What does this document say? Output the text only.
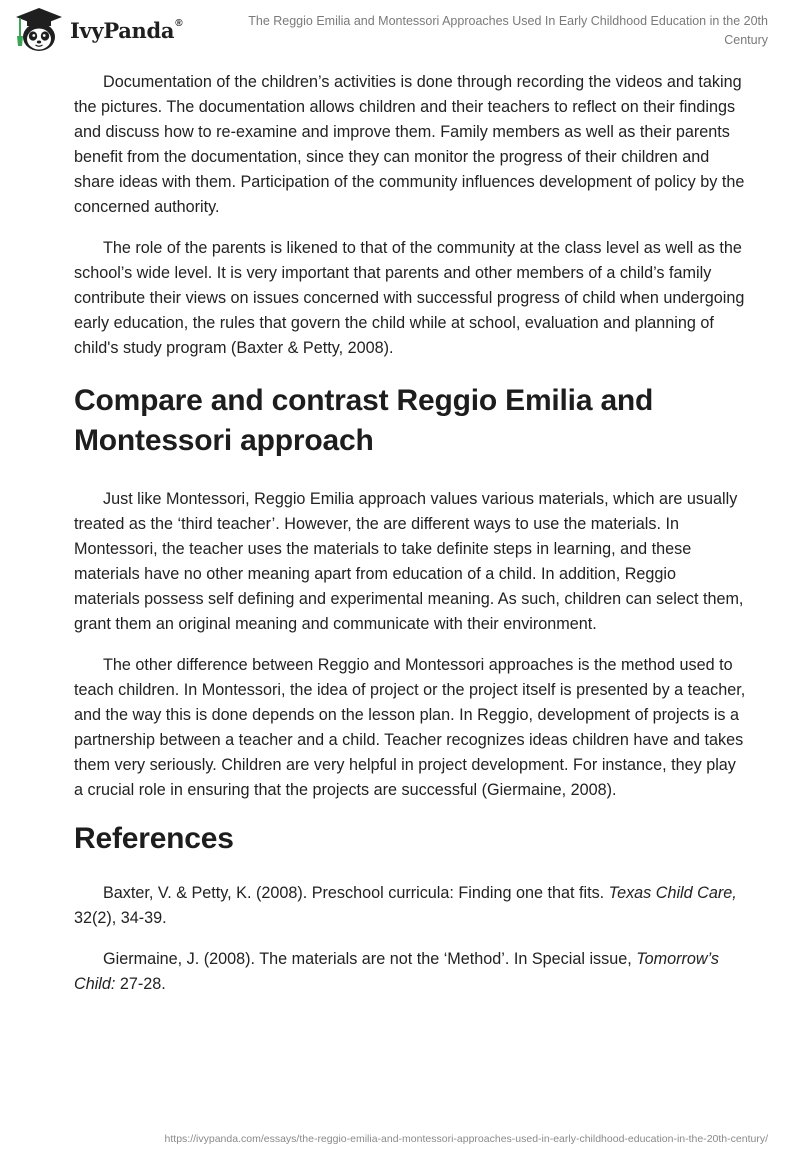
IvyPanda®	The Reggio Emilia and Montessori Approaches Used In Early Childhood Education in the 20th Century

Documentation of the children’s activities is done through recording the videos and taking the pictures. The documentation allows children and their teachers to reflect on their findings and discuss how to re-examine and improve them. Family members as well as their parents benefit from the documentation, since they can monitor the progress of their children and share ideas with them. Participation of the community influences development of policy by the concerned authority.

The role of the parents is likened to that of the community at the class level as well as the school’s wide level. It is very important that parents and other members of a child’s family contribute their views on issues concerned with successful progress of child when undergoing early education, the rules that govern the child while at school, evaluation and planning of child's study program (Baxter & Petty, 2008).

Compare and contrast Reggio Emilia and Montessori approach

Just like Montessori, Reggio Emilia approach values various materials, which are usually treated as the ‘third teacher’. However, the are different ways to use the materials. In Montessori, the teacher uses the materials to take definite steps in learning, and these materials have no other meaning apart from education of a child. In addition, Reggio materials possess self defining and experimental meaning. As such, children can select them, grant them an original meaning and communicate with their environment.

The other difference between Reggio and Montessori approaches is the method used to teach children. In Montessori, the idea of project or the project itself is presented by a teacher, and the way this is done depends on the lesson plan. In Reggio, development of projects is a partnership between a teacher and a child. Teacher recognizes ideas children have and takes them very seriously. Children are very helpful in project development. For instance, they play a crucial role in ensuring that the projects are successful (Giermaine, 2008).

References

Baxter, V. & Petty, K. (2008). Preschool curricula: Finding one that fits. Texas Child Care, 32(2), 34-39.

Giermaine, J. (2008). The materials are not the ‘Method’. In Special issue, Tomorrow’s Child: 27-28.

https://ivypanda.com/essays/the-reggio-emilia-and-montessori-approaches-used-in-early-childhood-education-in-the-20th-century/
